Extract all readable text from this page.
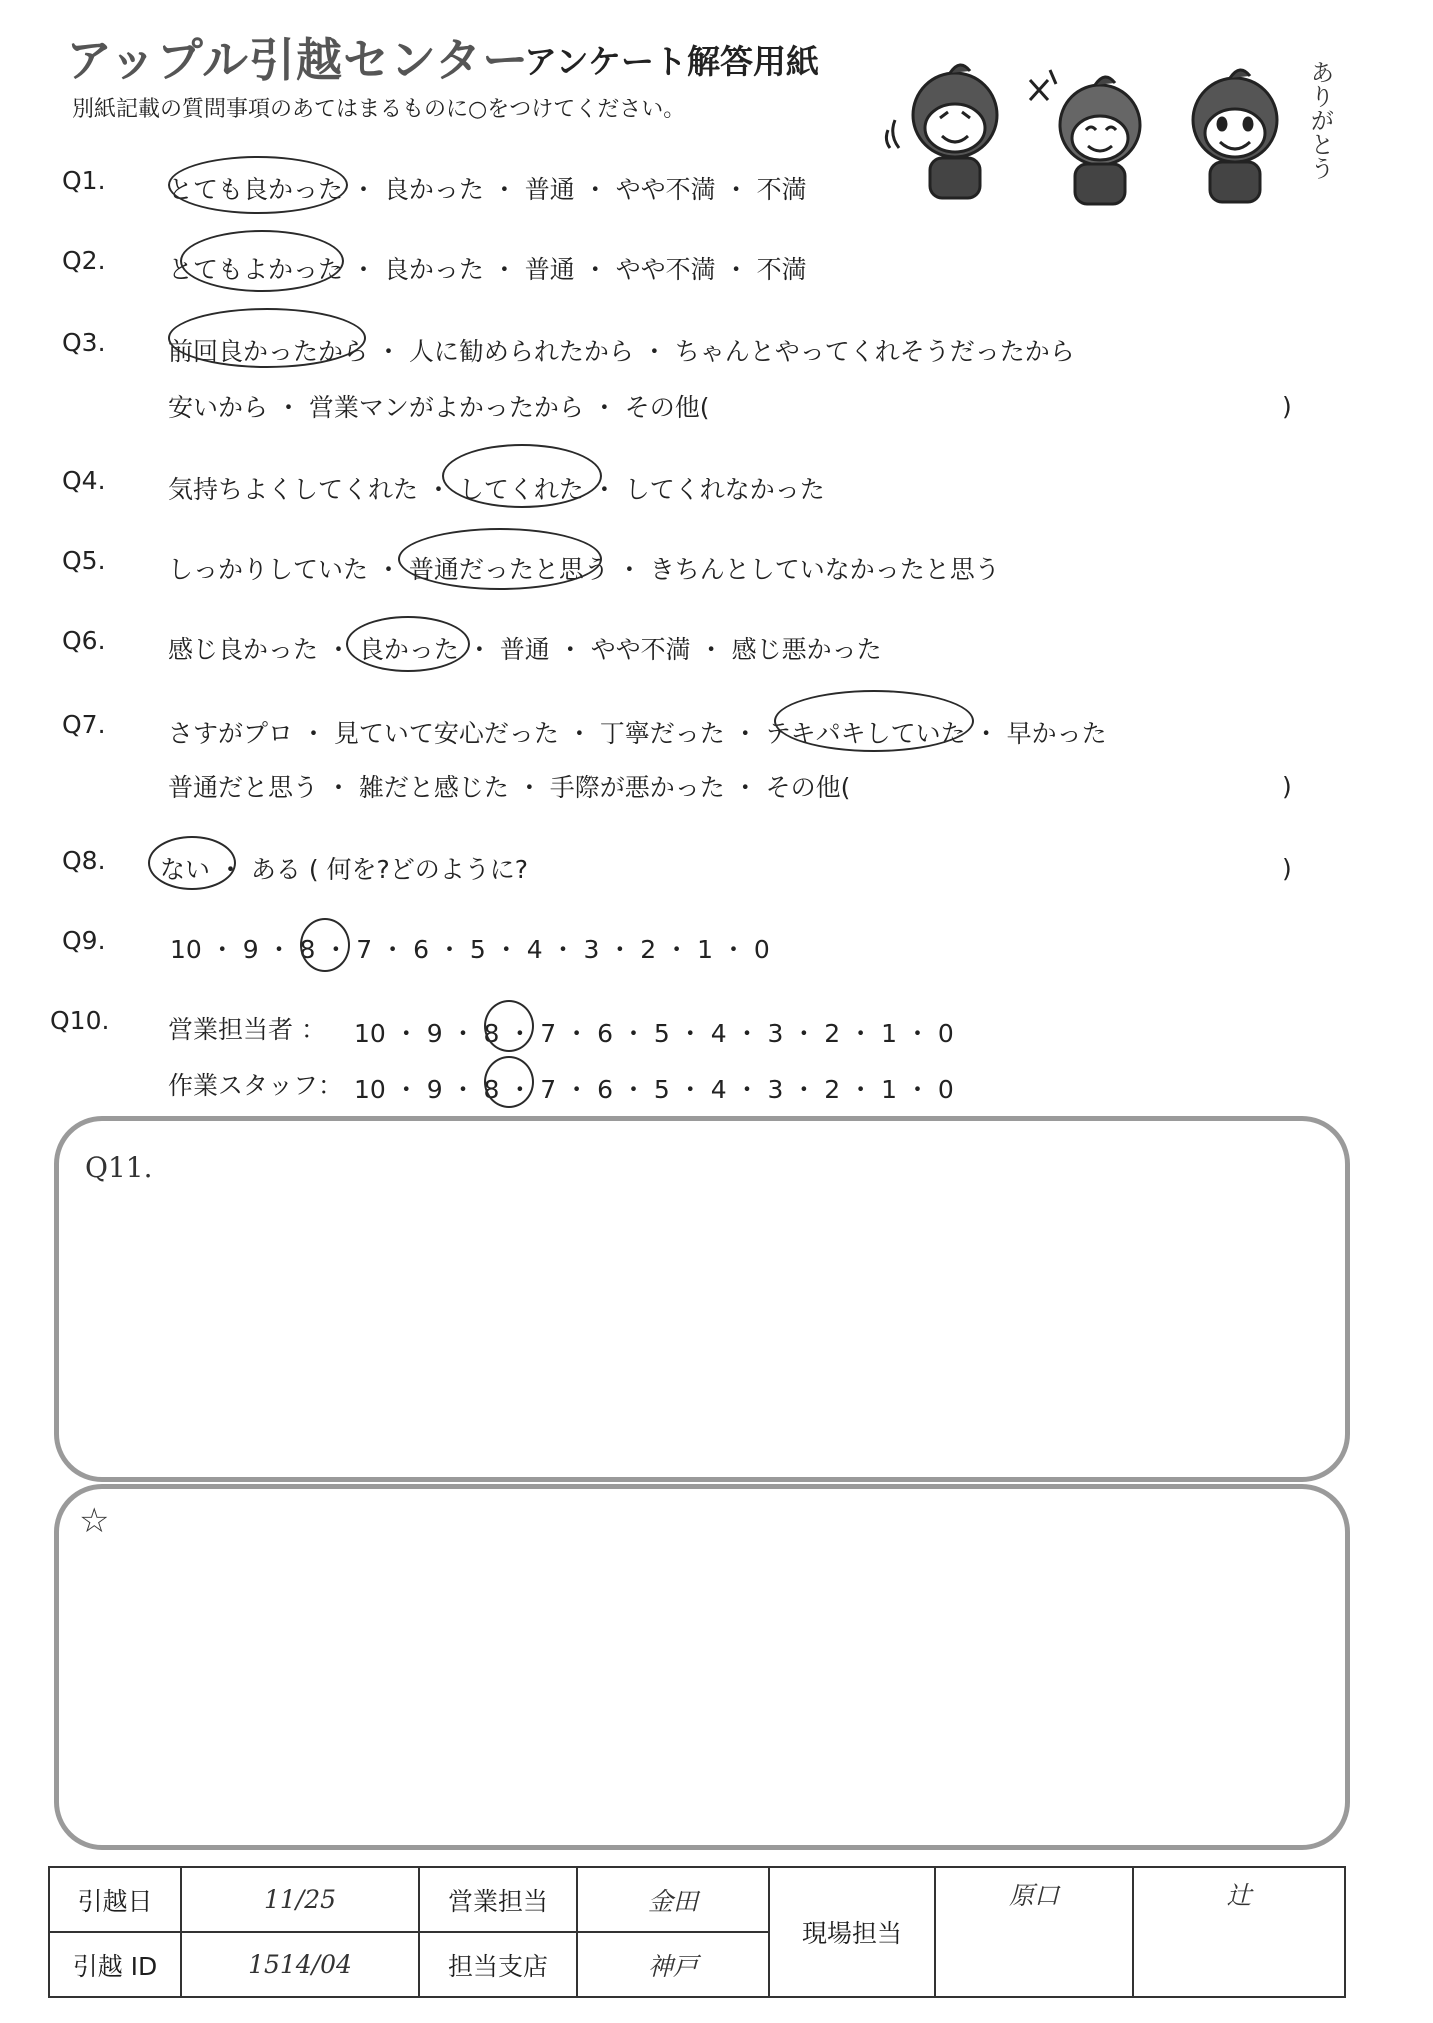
アップル引越センター
アンケート解答用紙
別紙記載の質問事項のあてはまるものに○をつけてください。	ありがとう
Q1. とても良かった ・ 良かった ・ 普通 ・ やや不満 ・ 不満
Q2. とてもよかった ・ 良かった ・ 普通 ・ やや不満 ・ 不満
Q3. 前回良かったから ・ 人に勧められたから ・ ちゃんとやってくれそうだったから
安いから ・ 営業マンがよかったから ・ その他(	)
Q4. 気持ちよくしてくれた ・ してくれた ・ してくれなかった
Q5. しっかりしていた ・ 普通だったと思う ・ きちんとしていなかったと思う
Q6. 感じ良かった ・ 良かった ・ 普通 ・ やや不満 ・ 感じ悪かった
Q7. さすがプロ ・ 見ていて安心だった ・ 丁寧だった ・ テキパキしていた ・ 早かった
普通だと思う ・ 雑だと感じた ・ 手際が悪かった ・ その他(	)
Q8. ない ・ ある ( 何を?どのように?	)
Q9.	10 ・ 9 ・ 8 ・ 7 ・ 6 ・ 5 ・ 4 ・ 3 ・ 2 ・ 1 ・ 0
Q10. 営業担当者 ： 10 ・ 9 ・ 8 ・ 7 ・ 6 ・ 5 ・ 4 ・ 3 ・ 2 ・ 1 ・ 0
作業スタッフ： 10 ・ 9 ・ 8 ・ 7 ・ 6 ・ 5 ・ 4 ・ 3 ・ 2 ・ 1 ・ 0
Q11.
☆
引越日	11/25	営業担当	金田	現場担当	原口	辻
引越 ID	1514/04	担当支店	神戸			
